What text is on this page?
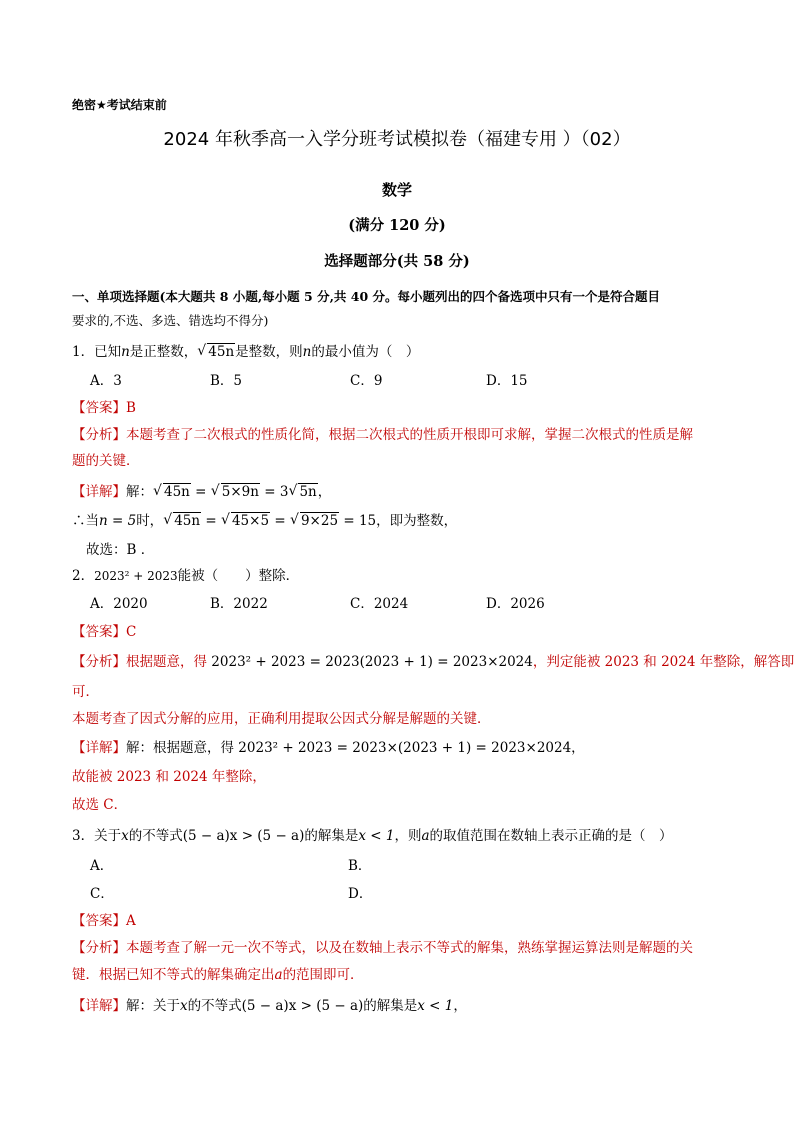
绝密★考试结束前
2024 年秋季高一入学分班考试模拟卷（福建专用 ）（02）
数学
(满分 120 分)
选择题部分(共 58 分)
一、单项选择题(本大题共 8 小题,每小题 5 分,共 40 分。每小题列出的四个备选项中只有一个是符合题目
要求的,不选、多选、错选均不得分)
1．已知n是正整数， √ 45n是整数，则n的最小值为（　）
A．3	B．5	C．9	D．15
【答案】B
【分析】本题考查了二次根式的性质化简，根据二次根式的性质开根即可求解，掌握二次根式的性质是解
题的关键．
【详解】解： √ 45n = √ 5×9n = 3 √ 5n，
∴当n = 5时， √ 45n = √ 45×5 = √ 9×25 = 15，即为整数，
故选：B ．
2．2023² + 2023能被（　　）整除．
A．2020	B．2022	C．2024	D．2026
【答案】C
【分析】根据题意，得 2023² + 2023 = 2023(2023 + 1) = 2023×2024，判定能被 2023 和 2024 年整除，解答即
可．
本题考查了因式分解的应用，正确利用提取公因式分解是解题的关键．
【详解】解：根据题意，得 2023² + 2023 = 2023×(2023 + 1) = 2023×2024，
故能被 2023 和 2024 年整除，
故选 C．
3．关于x的不等式(5 − a)x > (5 − a)的解集是x < 1，则a的取值范围在数轴上表示正确的是（　）
A．	B．
C．	D．
【答案】A
【分析】本题考查了解一元一次不等式，以及在数轴上表示不等式的解集，熟练掌握运算法则是解题的关
键．根据已知不等式的解集确定出a的范围即可．
【详解】解：关于x的不等式(5 − a)x > (5 − a)的解集是x < 1，
